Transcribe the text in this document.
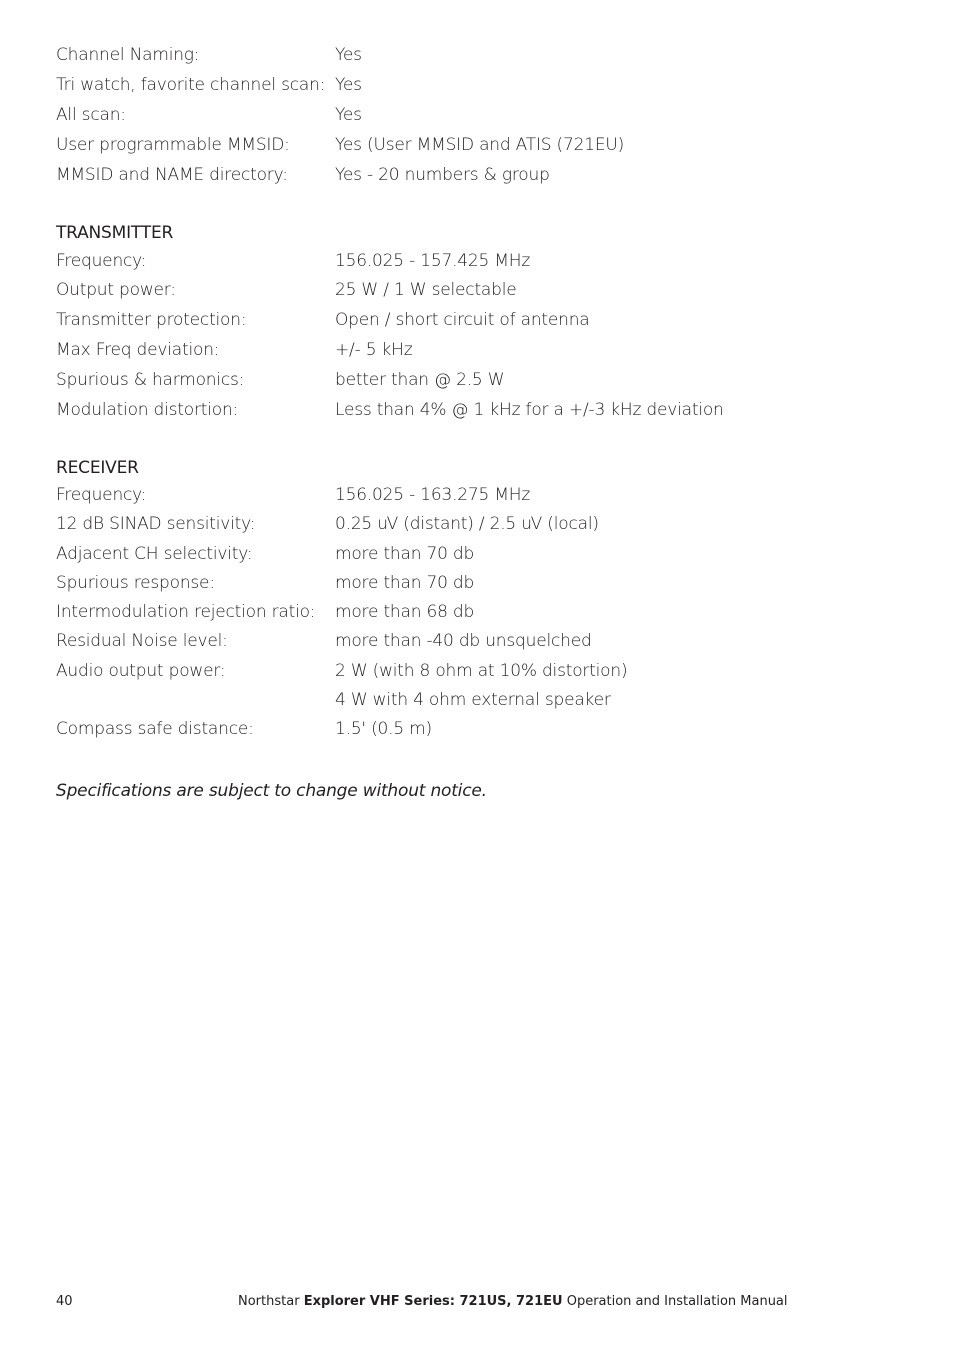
Channel Naming:	Yes
Tri watch, favorite channel scan: Yes
All scan:	Yes
User programmable MMSID:	Yes (User MMSID and ATIS (721EU)
MMSID and NAME directory:	Yes - 20 numbers & group
TRANSMITTER
Frequency:	156.025 - 157.425 MHz
Output power:	25 W / 1 W selectable
Transmitter protection:	Open / short circuit of antenna
Max Freq deviation:	+/- 5 kHz
Spurious & harmonics:	better than @ 2.5 W
Modulation distortion:	Less than 4% @ 1 kHz for a +/-3 kHz deviation
RECEIVER
Frequency:	156.025 - 163.275 MHz
12 dB SINAD sensitivity:	0.25 uV (distant) / 2.5 uV (local)
Adjacent CH selectivity:	more than 70 db
Spurious response:	more than 70 db
Intermodulation rejection ratio: more than 68 db
Residual Noise level:	more than -40 db unsquelched
Audio output power:	2 W (with 8 ohm at 10% distortion)
4 W with 4 ohm external speaker
Compass safe distance:	1.5' (0.5 m)
Specifications are subject to change without notice.
40	Northstar Explorer VHF Series: 721US, 721EU Operation and Installation Manual
